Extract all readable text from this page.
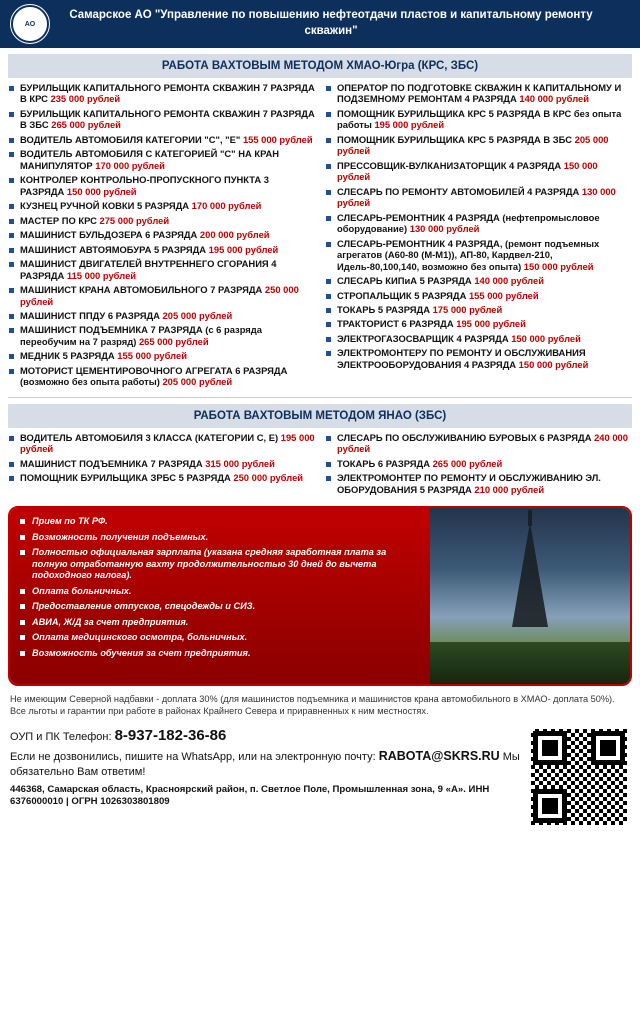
АО
Самарское АО "Управление по повышению нефтеотдачи пластов и капитальному ремонту скважин"
РАБОТА ВАХТОВЫМ МЕТОДОМ ХМАО-Югра (КРС, ЗБС)
БУРИЛЬЩИК КАПИТАЛЬНОГО РЕМОНТА СКВАЖИН 7 РАЗРЯДА В КРС 235 000 рублей
БУРИЛЬЩИК КАПИТАЛЬНОГО РЕМОНТА СКВАЖИН 7 РАЗРЯДА В ЗБС 265 000 рублей
ВОДИТЕЛЬ АВТОМОБИЛЯ КАТЕГОРИИ "С", "Е" 155 000 рублей
ВОДИТЕЛЬ АВТОМОБИЛЯ С КАТЕГОРИЕЙ "С" НА КРАН МАНИПУЛЯТОР 170 000 рублей
КОНТРОЛЕР КОНТРОЛЬНО-ПРОПУСКНОГО ПУНКТА 3 РАЗРЯДА 150 000 рублей
КУЗНЕЦ РУЧНОЙ КОВКИ 5 РАЗРЯДА 170 000 рублей
МАСТЕР ПО КРС 275 000 рублей
МАШИНИСТ БУЛЬДОЗЕРА 6 РАЗРЯДА 200 000 рублей
МАШИНИСТ АВТОЯМОБУРА 5 РАЗРЯДА 195 000 рублей
МАШИНИСТ ДВИГАТЕЛЕЙ ВНУТРЕННЕГО СГОРАНИЯ 4 РАЗРЯДА 115 000 рублей
МАШИНИСТ КРАНА АВТОМОБИЛЬНОГО 7 РАЗРЯДА 250 000 рублей
МАШИНИСТ ППДУ 6 РАЗРЯДА 205 000 рублей
МАШИНИСТ ПОДЪЕМНИКА 7 РАЗРЯДА (с 6 разряда переобучим на 7 разряд) 265 000 рублей
МЕДНИК 5 РАЗРЯДА 155 000 рублей
МОТОРИСТ ЦЕМЕНТИРОВОЧНОГО АГРЕГАТА 6 РАЗРЯДА (возможно без опыта работы) 205 000 рублей
ОПЕРАТОР ПО ПОДГОТОВКЕ СКВАЖИН К КАПИТАЛЬНОМУ И ПОДЗЕМНОМУ РЕМОНТАМ 4 РАЗРЯДА 140 000 рублей
ПОМОЩНИК БУРИЛЬЩИКА КРС 5 РАЗРЯДА В КРС без опыта работы 195 000 рублей
ПОМОЩНИК БУРИЛЬЩИКА КРС 5 РАЗРЯДА В ЗБС 205 000 рублей
ПРЕССОВЩИК-ВУЛКАНИЗАТОРЩИК 4 РАЗРЯДА 150 000 рублей
СЛЕСАРЬ ПО РЕМОНТУ АВТОМОБИЛЕЙ 4 РАЗРЯДА 130 000 рублей
СЛЕСАРЬ-РЕМОНТНИК 4 РАЗРЯДА (нефтепромысловое оборудование) 130 000 рублей
СЛЕСАРЬ-РЕМОНТНИК 4 РАЗРЯДА, (ремонт подъемных агрегатов (А60-80 (М-М1)), АП-80, Кардвел-210, Идель-80,100,140, возможно без опыта) 150 000 рублей
СЛЕСАРЬ КИПиА 5 РАЗРЯДА 140 000 рублей
СТРОПАЛЬЩИК 5 РАЗРЯДА 155 000 рублей
ТОКАРЬ 5 РАЗРЯДА 175 000 рублей
ТРАКТОРИСТ 6 РАЗРЯДА 195 000 рублей
ЭЛЕКТРОГАЗОСВАРЩИК 4 РАЗРЯДА 150 000 рублей
ЭЛЕКТРОМОНТЕРУ ПО РЕМОНТУ И ОБСЛУЖИВАНИЯ ЭЛЕКТРООБОРУДОВАНИЯ 4 РАЗРЯДА 150 000 рублей
РАБОТА ВАХТОВЫМ МЕТОДОМ ЯНАО (ЗБС)
ВОДИТЕЛЬ АВТОМОБИЛЯ 3 КЛАССА (КАТЕГОРИИ С, Е) 195 000 рублей
МАШИНИСТ ПОДЪЕМНИКА 7 РАЗРЯДА 315 000 рублей
ПОМОЩНИК БУРИЛЬЩИКА ЗРБС 5 РАЗРЯДА 250 000 рублей
СЛЕСАРЬ ПО ОБСЛУЖИВАНИЮ БУРОВЫХ 6 РАЗРЯДА 240 000 рублей
ТОКАРЬ 6 РАЗРЯДА 265 000 рублей
ЭЛЕКТРОМОНТЕР ПО РЕМОНТУ И ОБСЛУЖИВАНИЮ ЭЛ. ОБОРУДОВАНИЯ 5 РАЗРЯДА 210 000 рублей
Прием по ТК РФ.
Возможность получения подъемных.
Полностью официальная зарплата (указана средняя заработная плата за полную отработанную вахту продолжительностью 30 дней до вычета подоходного налога).
Оплата больничных.
Предоставление отпусков, спецодежды и СИЗ.
АВИА, Ж/Д за счет предприятия.
Оплата медицинского осмотра, больничных.
Возможность обучения за счет предприятия.
Не имеющим Северной надбавки - доплата 30% (для машинистов подъемника и машинистов крана автомобильного в ХМАО- доплата 50%). Все льготы и гарантии при работе в районах Крайнего Севера и приравненных к ним местностях.
ОУП и ПК Телефон: 8-937-182-36-86
Если не дозвонились, пишите на WhatsApp, или на электронную почту: RABOTA@SKRS.RU Мы обязательно Вам ответим!
446368, Самарская область, Красноярский район, п. Светлое Поле, Промышленная зона, 9 «А». ИНН 6376000010 | ОГРН 1026303801809
